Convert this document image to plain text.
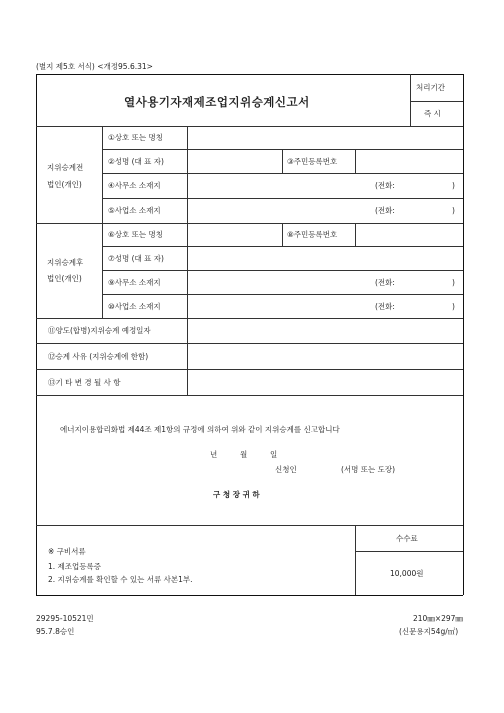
(별지 제5호 서식) <개정95.6.31>
열사용기자재제조업지위승계신고서
처리기간
즉 시
지위승계전
법인(개인)
①상호 또는 명칭
②성명 (대 표 자)	③주민등록번호
④사무소 소재지	(전화:	)
⑤사업소 소재지	(전화:	)
지위승계후
법인(개인)
⑥상호 또는 명칭	⑧주민등록번호
⑦성명 (대 표 자)
⑨사무소 소재지	(전화:	)
⑩사업소 소재지	(전화:	)
⑪양도(합병)지위승계 예정일자
⑫승계 사유 (지위승계에 한함)
⑬기 타 변 경 될 사 항
에너지이용합리화법 제44조 제1항의 규정에 의하여 위와 같이 지위승계를 신고합니다
년	월	일
신청인	(서명 또는 도장)
구 청 장 귀 하
※ 구비서류
1. 제조업등록증
2. 지위승계를 확인할 수 있는 서류 사본1부.
수수료
10,000원
29295-10521민
95.7.8승인
210㎜×297㎜
(신문용지54g/㎡)
